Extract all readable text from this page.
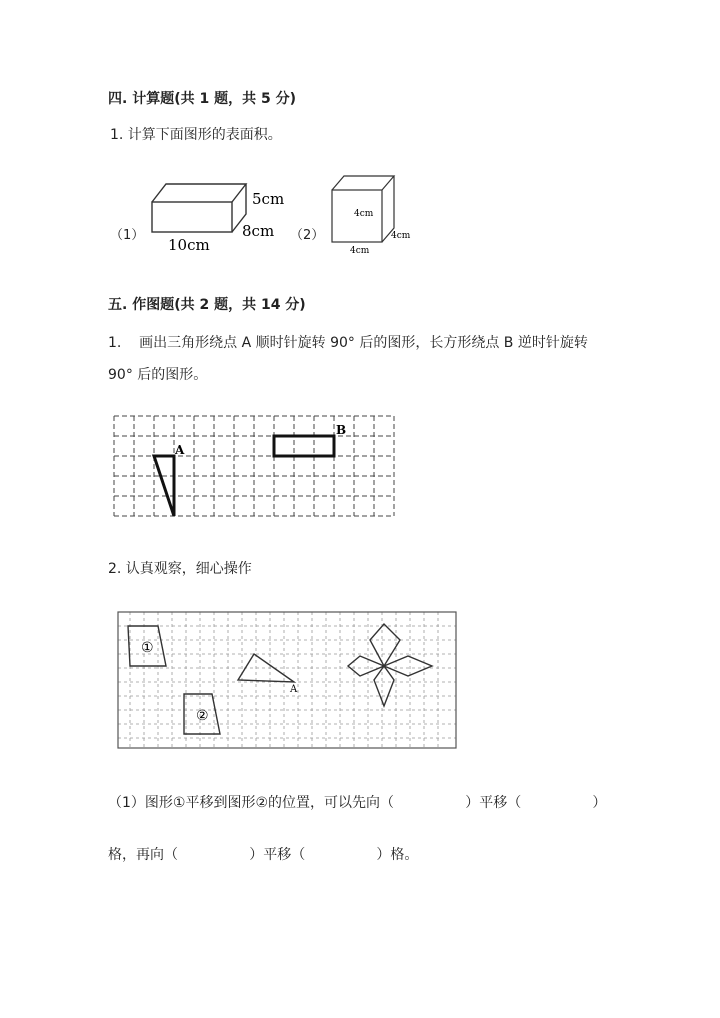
四. 计算题(共 1 题，共 5 分)
1. 计算下面图形的表面积。
（1）
5cm
8cm
10cm
（2）
4cm
4cm
4cm
五. 作图题(共 2 题，共 14 分)
1.    画出三角形绕点 A 顺时针旋转 90° 后的图形，长方形绕点 B 逆时针旋转
90° 后的图形。
A
B
2. 认真观察，细心操作
①
②
A
（1）图形①平移到图形②的位置，可以先向（                ）平移（                ）
格，再向（                ）平移（                ）格。
